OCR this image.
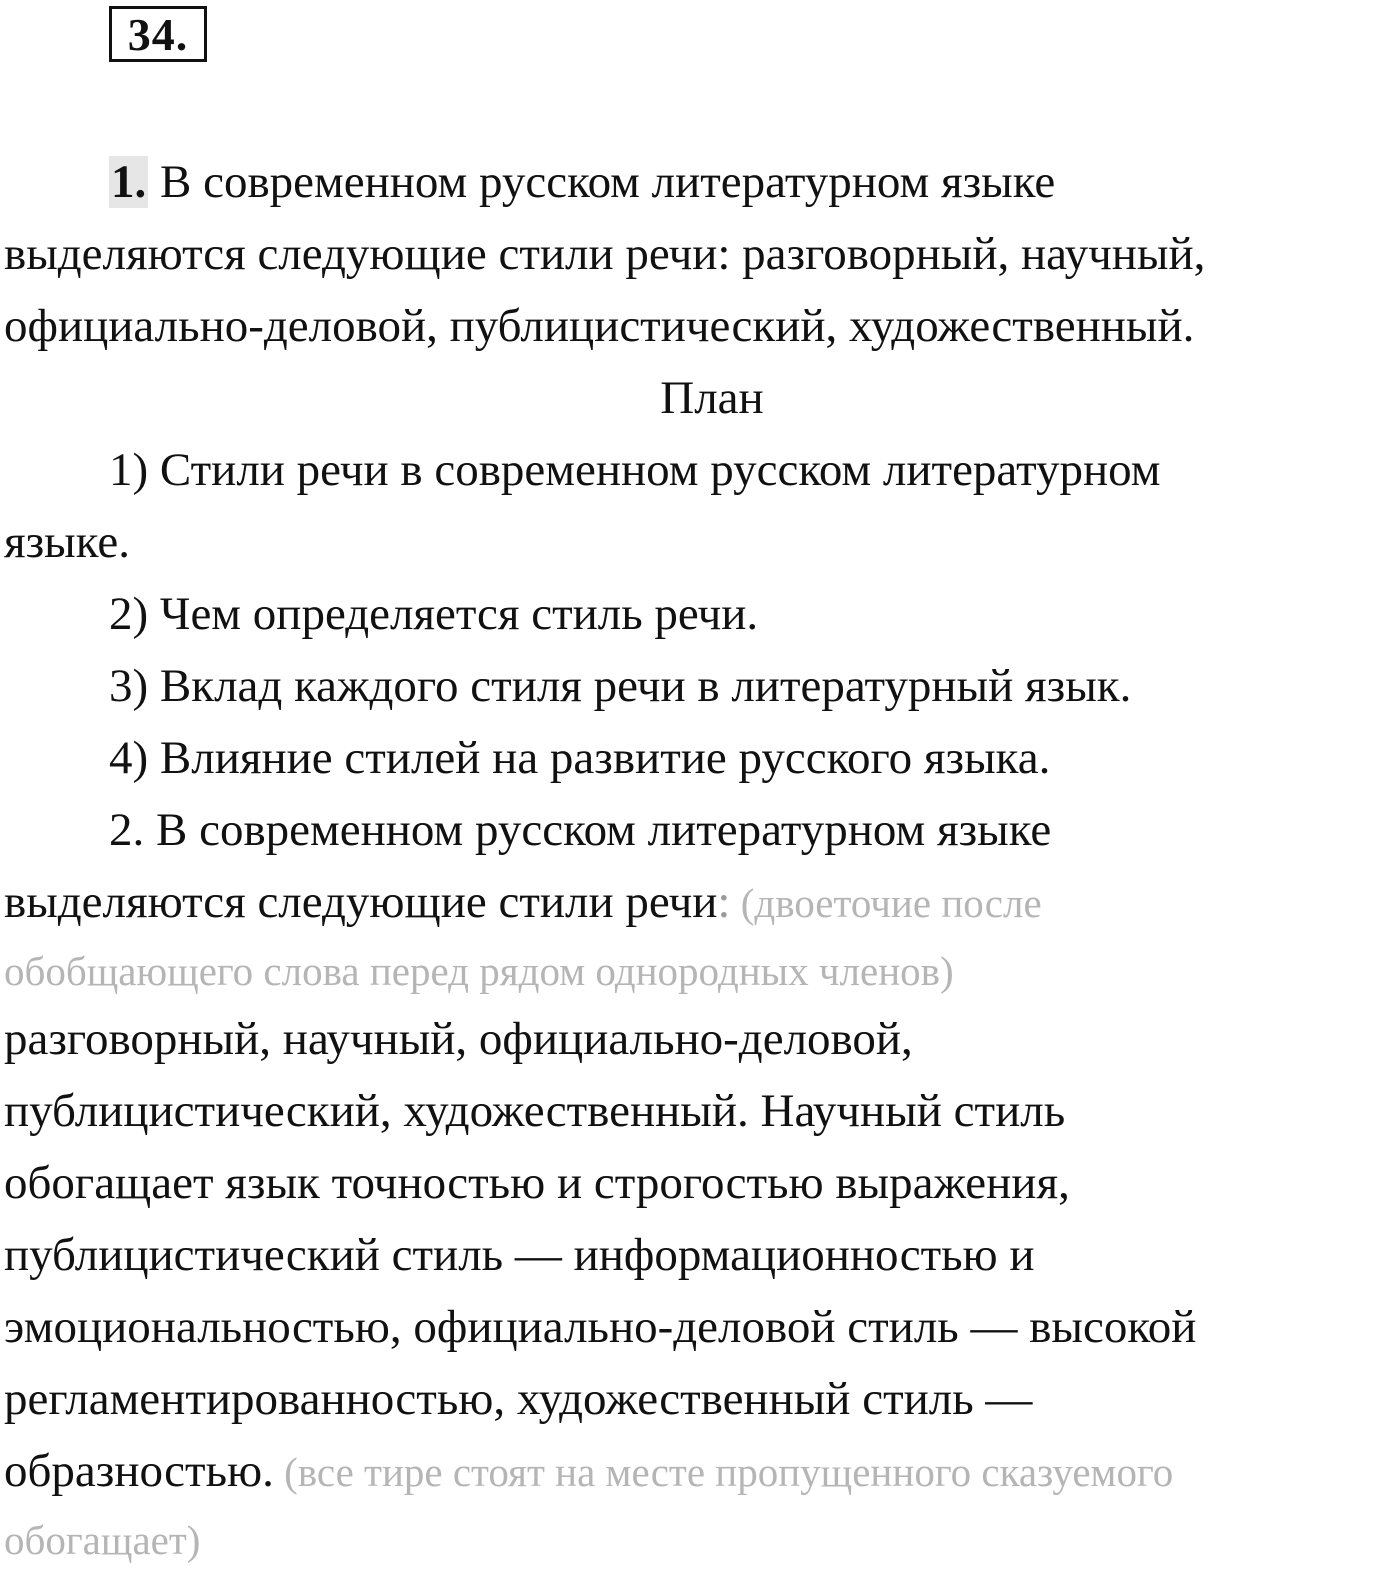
34.

1. В современном русском литературном языке

выделяются следующие стили речи: разговорный, научный,

официально-деловой, публицистический, художественный.

План

1) Стили речи в современном русском литературном

языке.

2) Чем определяется стиль речи.

3) Вклад каждого стиля речи в литературный язык.

4) Влияние стилей на развитие русского языка.

2. В современном русском литературном языке

выделяются следующие стили речи: (двоеточие после

обобщающего слова перед рядом однородных членов)

разговорный, научный, официально-деловой,

публицистический, художественный. Научный стиль

обогащает язык точностью и строгостью выражения,

публицистический стиль — информационностью и

эмоциональностью, официально-деловой стиль — высокой

регламентированностью, художественный стиль —

образностью. (все тире стоят на месте пропущенного сказуемого

обогащает)
